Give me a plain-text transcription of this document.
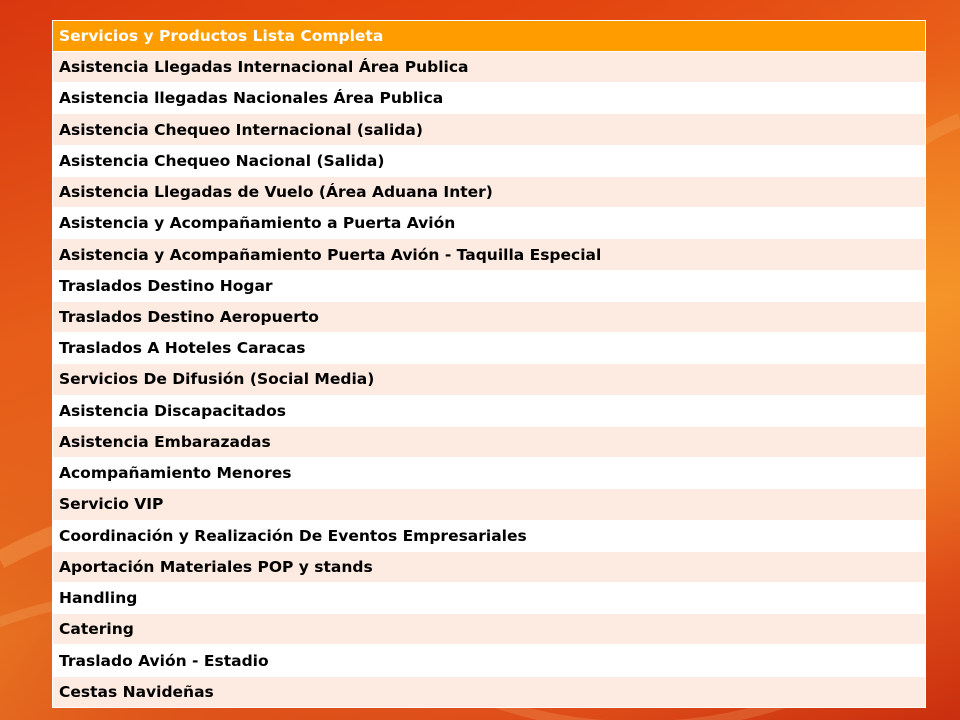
Servicios y Productos Lista Completa
Asistencia Llegadas Internacional Área Publica
Asistencia llegadas Nacionales Área Publica
Asistencia Chequeo Internacional (salida)
Asistencia Chequeo Nacional (Salida)
Asistencia Llegadas de Vuelo (Área Aduana Inter)
Asistencia y Acompañamiento a Puerta Avión
Asistencia y Acompañamiento Puerta Avión - Taquilla Especial
Traslados Destino Hogar
Traslados Destino Aeropuerto
Traslados A Hoteles Caracas
Servicios De Difusión (Social Media)
Asistencia Discapacitados
Asistencia Embarazadas
Acompañamiento Menores
Servicio VIP
Coordinación y Realización De Eventos Empresariales
Aportación Materiales POP y stands
Handling
Catering
Traslado Avión - Estadio
Cestas Navideñas
